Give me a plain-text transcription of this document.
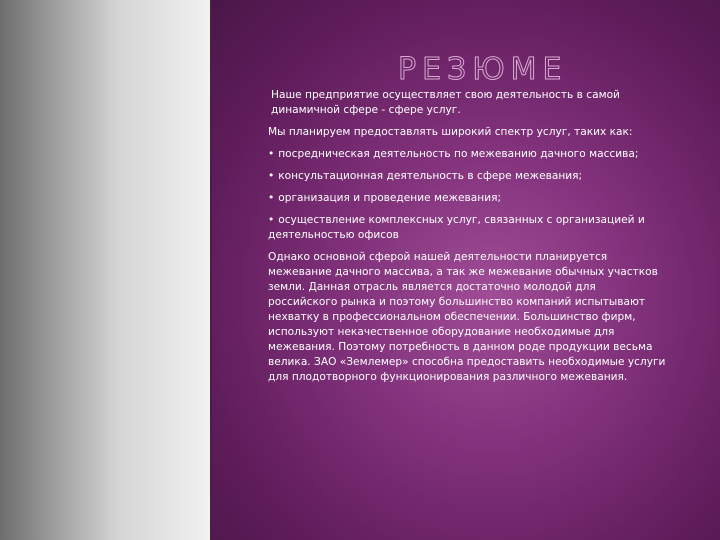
РЕЗЮМЕ

Наше предприятие осуществляет свою деятельность в самой динамичной сфере - сфере услуг.

Мы планируем предоставлять широкий спектр услуг, таких как:

• посредническая деятельность по межеванию дачного массива;

• консультационная деятельность в сфере межевания;

• организация и проведение межевания;

• осуществление комплексных услуг, связанных с организацией и деятельностью офисов

Однако основной сферой нашей деятельности планируется межевание дачного массива, а так же межевание обычных участков земли. Данная отрасль является достаточно молодой для российского рынка и поэтому большинство компаний испытывают нехватку в профессиональном обеспечении. Большинство фирм, используют некачественное оборудование необходимые для межевания. Поэтому потребность в данном роде продукции весьма велика. ЗАО «Землемер» способна предоставить необходимые услуги для плодотворного функционирования различного межевания.
